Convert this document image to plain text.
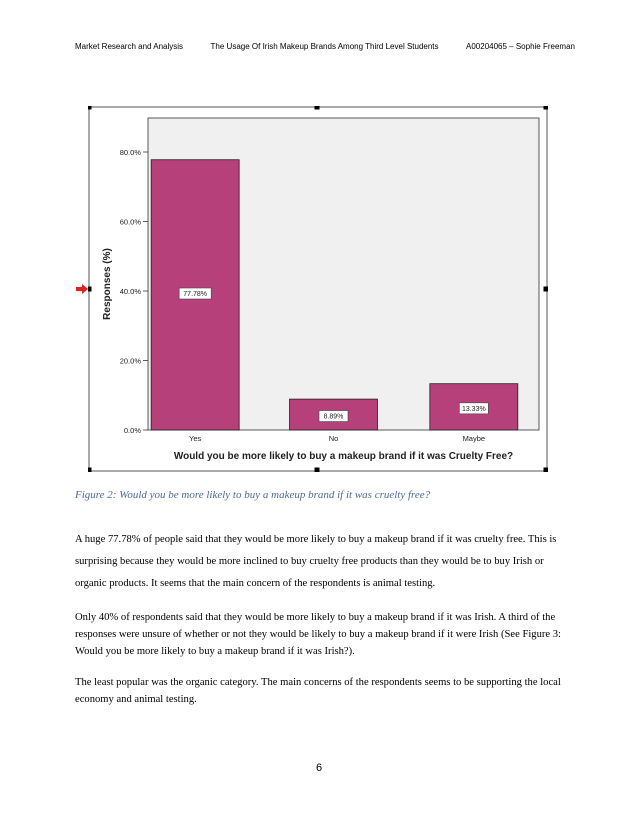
Market Research and Analysis	The Usage Of Irish Makeup Brands Among Third Level Students	A00204065 – Sophie Freeman
0.0%
20.0%
40.0%
60.0%
80.0%
Responses (%)	77.78%
Yes
8.89%
No
13.33%
Maybe
Would you be more likely to buy a makeup brand if it was Cruelty Free?
Figure 2: Would you be more likely to buy a makeup brand if it was cruelty free?
A huge 77.78% of people said that they would be more likely to buy a makeup brand if it was cruelty free. This is surprising because they would be more inclined to buy cruelty free products than they would be to buy Irish or organic products. It seems that the main concern of the respondents is animal testing.
Only 40% of respondents said that they would be more likely to buy a makeup brand if it was Irish. A third of the responses were unsure of whether or not they would be likely to buy a makeup brand if it were Irish (See Figure 3: Would you be more likely to buy a makeup brand if it was Irish?).
The least popular was the organic category. The main concerns of the respondents seems to be supporting the local economy and animal testing.
6
